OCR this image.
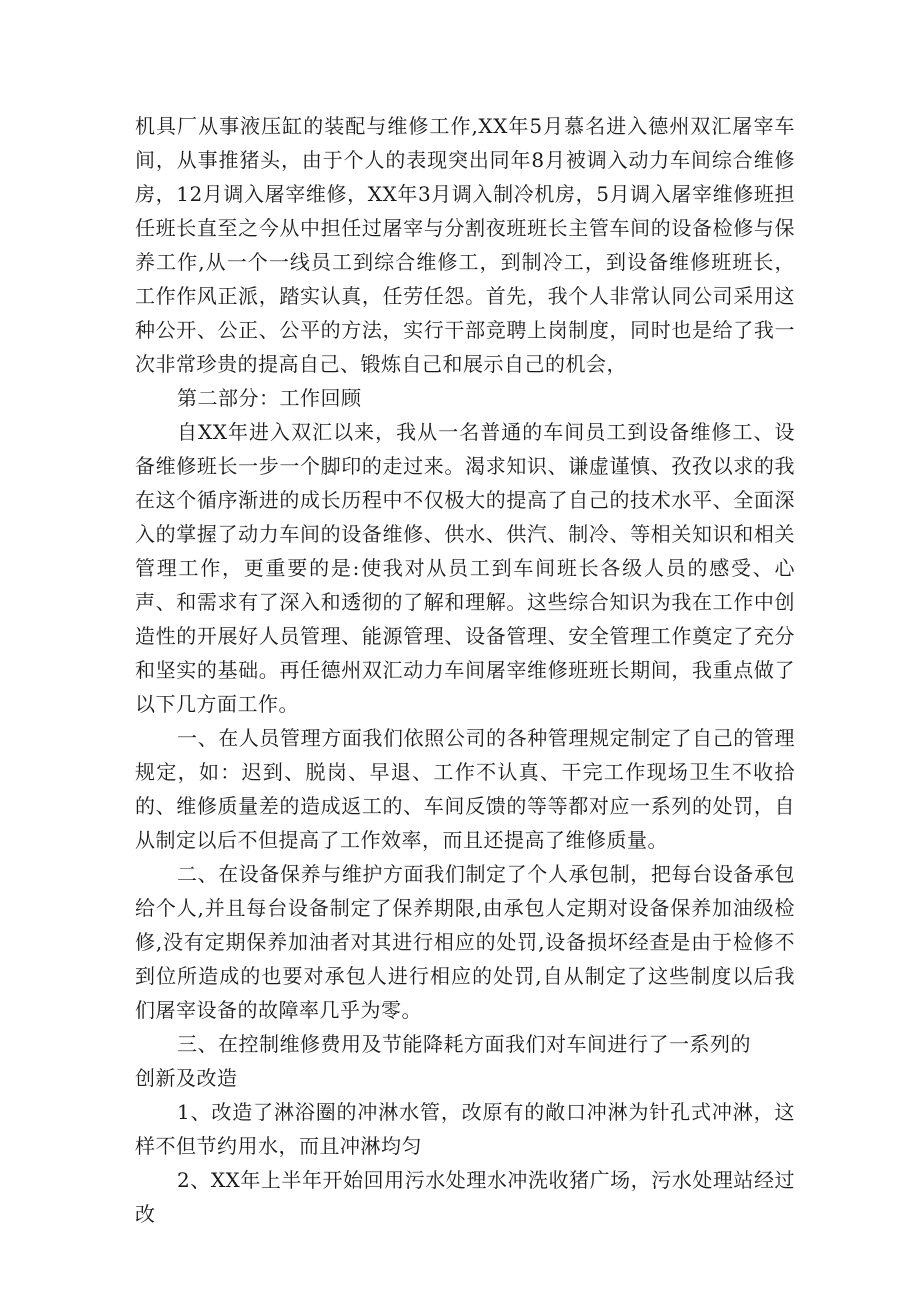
机具厂从事液压缸的装配与维修工作,XX年5月慕名进入德州双汇屠宰车间，从事推猪头，由于个人的表现突出同年8月被调入动力车间综合维修房，12月调入屠宰维修，XX年3月调入制冷机房，5月调入屠宰维修班担任班长直至之今从中担任过屠宰与分割夜班班长主管车间的设备检修与保养工作,从一个一线员工到综合维修工，到制冷工，到设备维修班班长，工作作风正派，踏实认真，任劳任怨。首先，我个人非常认同公司采用这种公开、公正、公平的方法，实行干部竞聘上岗制度，同时也是给了我一次非常珍贵的提高自己、锻炼自己和展示自己的机会，

第二部分：工作回顾

自XX年进入双汇以来，我从一名普通的车间员工到设备维修工、设备维修班长一步一个脚印的走过来。渴求知识、谦虚谨慎、孜孜以求的我在这个循序渐进的成长历程中不仅极大的提高了自己的技术水平、全面深入的掌握了动力车间的设备维修、供水、供汽、制冷、等相关知识和相关管理工作，更重要的是:使我对从员工到车间班长各级人员的感受、心声、和需求有了深入和透彻的了解和理解。这些综合知识为我在工作中创造性的开展好人员管理、能源管理、设备管理、安全管理工作奠定了充分和坚实的基础。再任德州双汇动力车间屠宰维修班班长期间，我重点做了以下几方面工作。

一、在人员管理方面我们依照公司的各种管理规定制定了自己的管理规定，如：迟到、脱岗、早退、工作不认真、干完工作现场卫生不收拾的、维修质量差的造成返工的、车间反馈的等等都对应一系列的处罚，自从制定以后不但提高了工作效率，而且还提高了维修质量。

二、在设备保养与维护方面我们制定了个人承包制，把每台设备承包给个人,并且每台设备制定了保养期限,由承包人定期对设备保养加油级检修,没有定期保养加油者对其进行相应的处罚,设备损坏经查是由于检修不到位所造成的也要对承包人进行相应的处罚,自从制定了这些制度以后我们屠宰设备的故障率几乎为零。

三、在控制维修费用及节能降耗方面我们对车间进行了一系列的

创新及改造

1、改造了淋浴圈的冲淋水管，改原有的敞口冲淋为针孔式冲淋，这样不但节约用水，而且冲淋均匀

2、XX年上半年开始回用污水处理水冲洗收猪广场，污水处理站经过改
